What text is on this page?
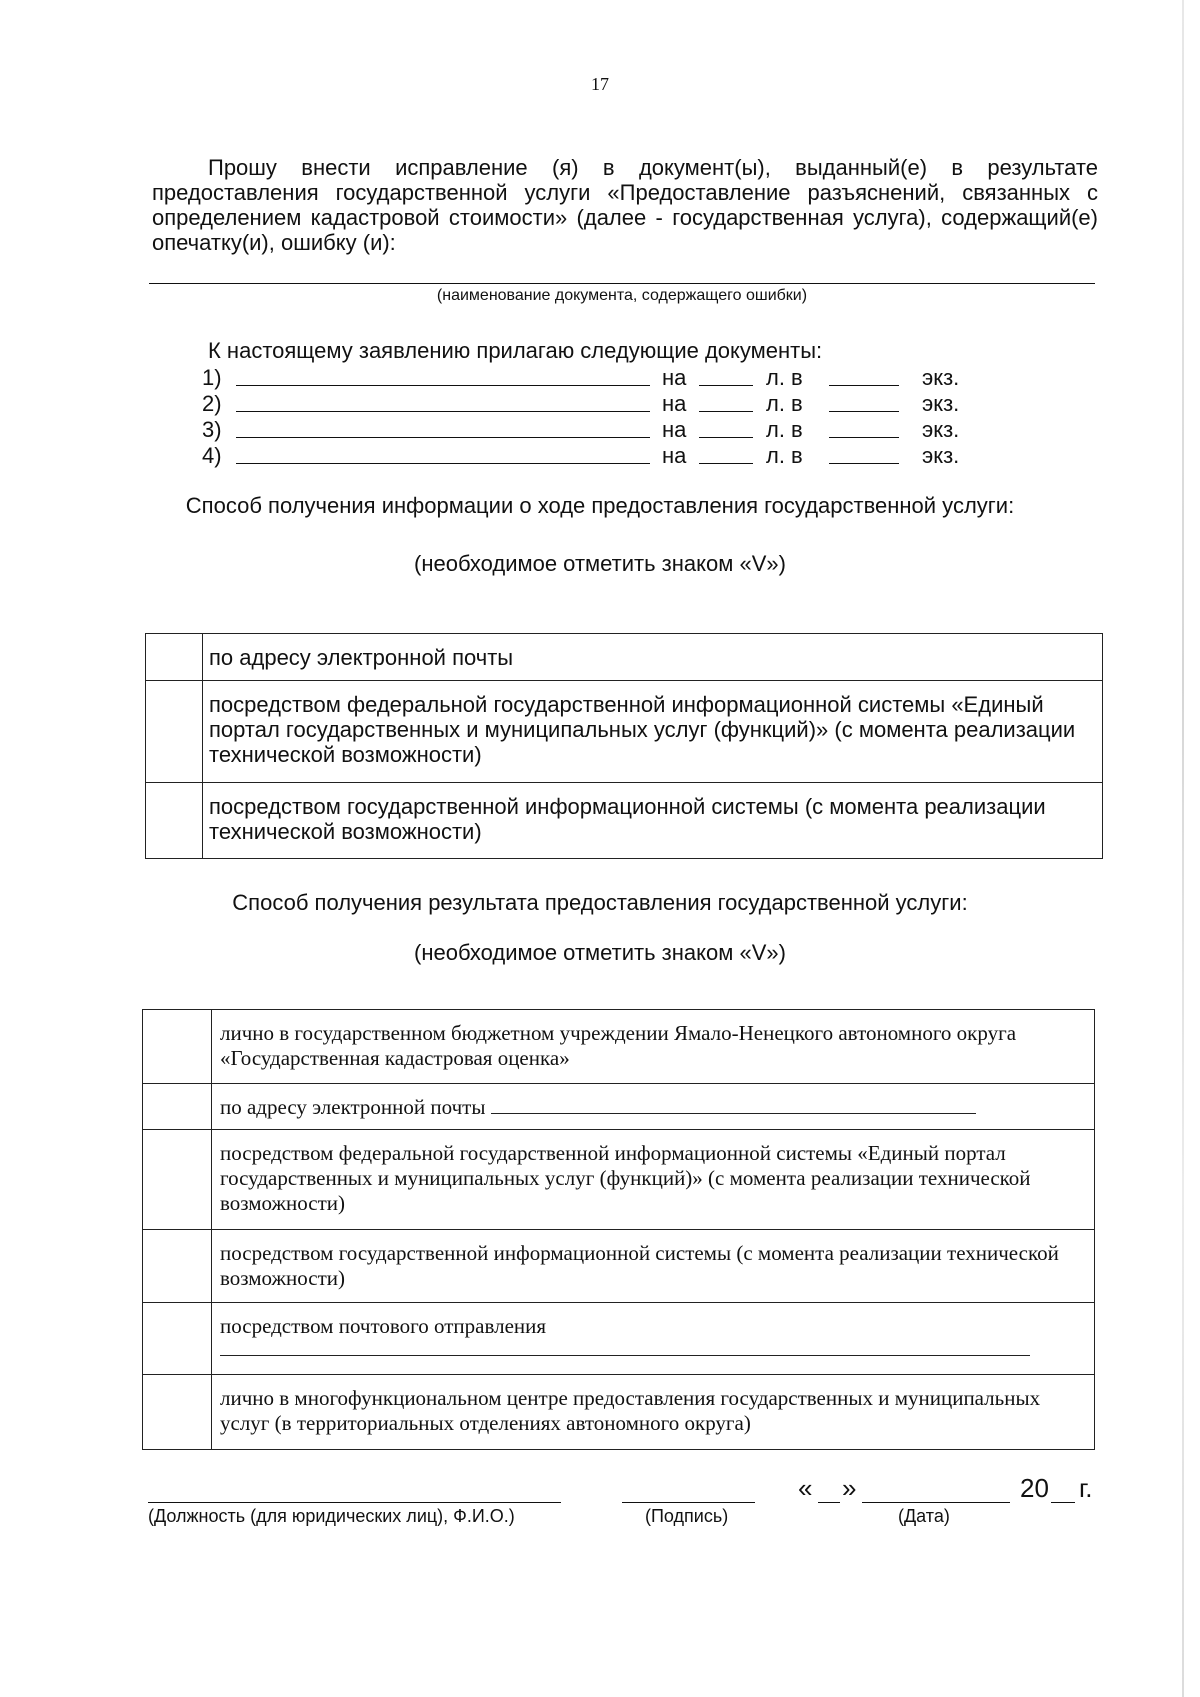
17

Прошу внести исправление (я) в документ(ы), выданный(е) в результате предоставления государственной услуги «Предоставление разъяснений, связанных с определением кадастровой стоимости» (далее - государственная услуга), содержащий(е) опечатку(и), ошибку (и):

(наименование документа, содержащего ошибки)
К настоящему заявлению прилагаю следующие документы:
1)	на	л. в	экз.
2)	на	л. в	экз.
3)	на	л. в	экз.
4)	на	л. в	экз.
Способ получения информации о ходе предоставления государственной услуги:
(необходимое отметить знаком «V»)
	по адресу электронной почты
	посредством федеральной государственной информационной системы «Единый портал государственных и муниципальных услуг (функций)» (с момента реализации технической возможности)
	посредством государственной информационной системы (с момента реализации технической возможности)
Способ получения результата предоставления государственной услуги:
(необходимое отметить знаком «V»)
	лично в государственном бюджетном учреждении Ямало-Ненецкого автономного округа «Государственная кадастровая оценка»
	по адресу электронной почты
	посредством федеральной государственной информационной системы «Единый портал государственных и муниципальных услуг (функций)» (с момента реализации технической возможности)
	посредством государственной информационной системы (с момента реализации технической возможности)

	посредством почтового отправления

	лично в многофункциональном центре предоставления государственных и муниципальных услуг (в территориальных отделениях автономного округа)
(Должность (для юридических лиц), Ф.И.О.)	(Подпись)
« »
(Дата)
20 г.
